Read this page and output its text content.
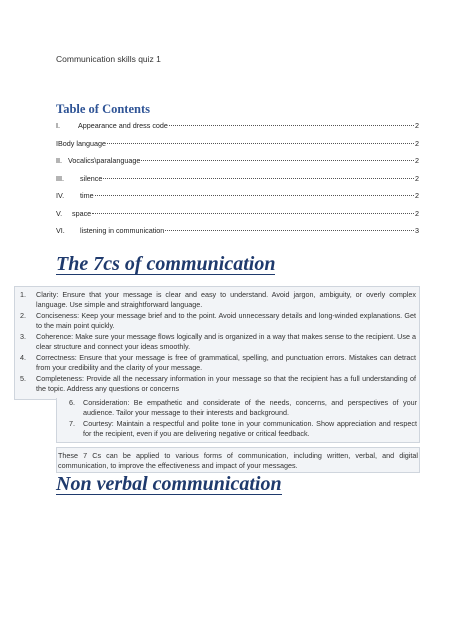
Communication skills quiz 1
Table of Contents
I.	Appearance and dress code	2
IBody language	2
II. Vocalics\paralanguage	2
III.	silence	2
IV.	time	2
V.	space	2
VI.	listening in communication	3
The 7cs of communication
1. Clarity: Ensure that your message is clear and easy to understand. Avoid jargon, ambiguity, or overly complex language. Use simple and straightforward language.
2. Conciseness: Keep your message brief and to the point. Avoid unnecessary details and long-winded explanations. Get to the main point quickly.
3. Coherence: Make sure your message flows logically and is organized in a way that makes sense to the recipient. Use a clear structure and connect your ideas smoothly.
4. Correctness: Ensure that your message is free of grammatical, spelling, and punctuation errors. Mistakes can detract from your credibility and the clarity of your message.
5. Completeness: Provide all the necessary information in your message so that the recipient has a full understanding of the topic. Address any questions or concerns
6. Consideration: Be empathetic and considerate of the needs, concerns, and perspectives of your audience. Tailor your message to their interests and background.
7. Courtesy: Maintain a respectful and polite tone in your communication. Show appreciation and respect for the recipient, even if you are delivering negative or critical feedback.
These 7 Cs can be applied to various forms of communication, including written, verbal, and digital communication, to improve the effectiveness and impact of your messages.
Non verbal communication
